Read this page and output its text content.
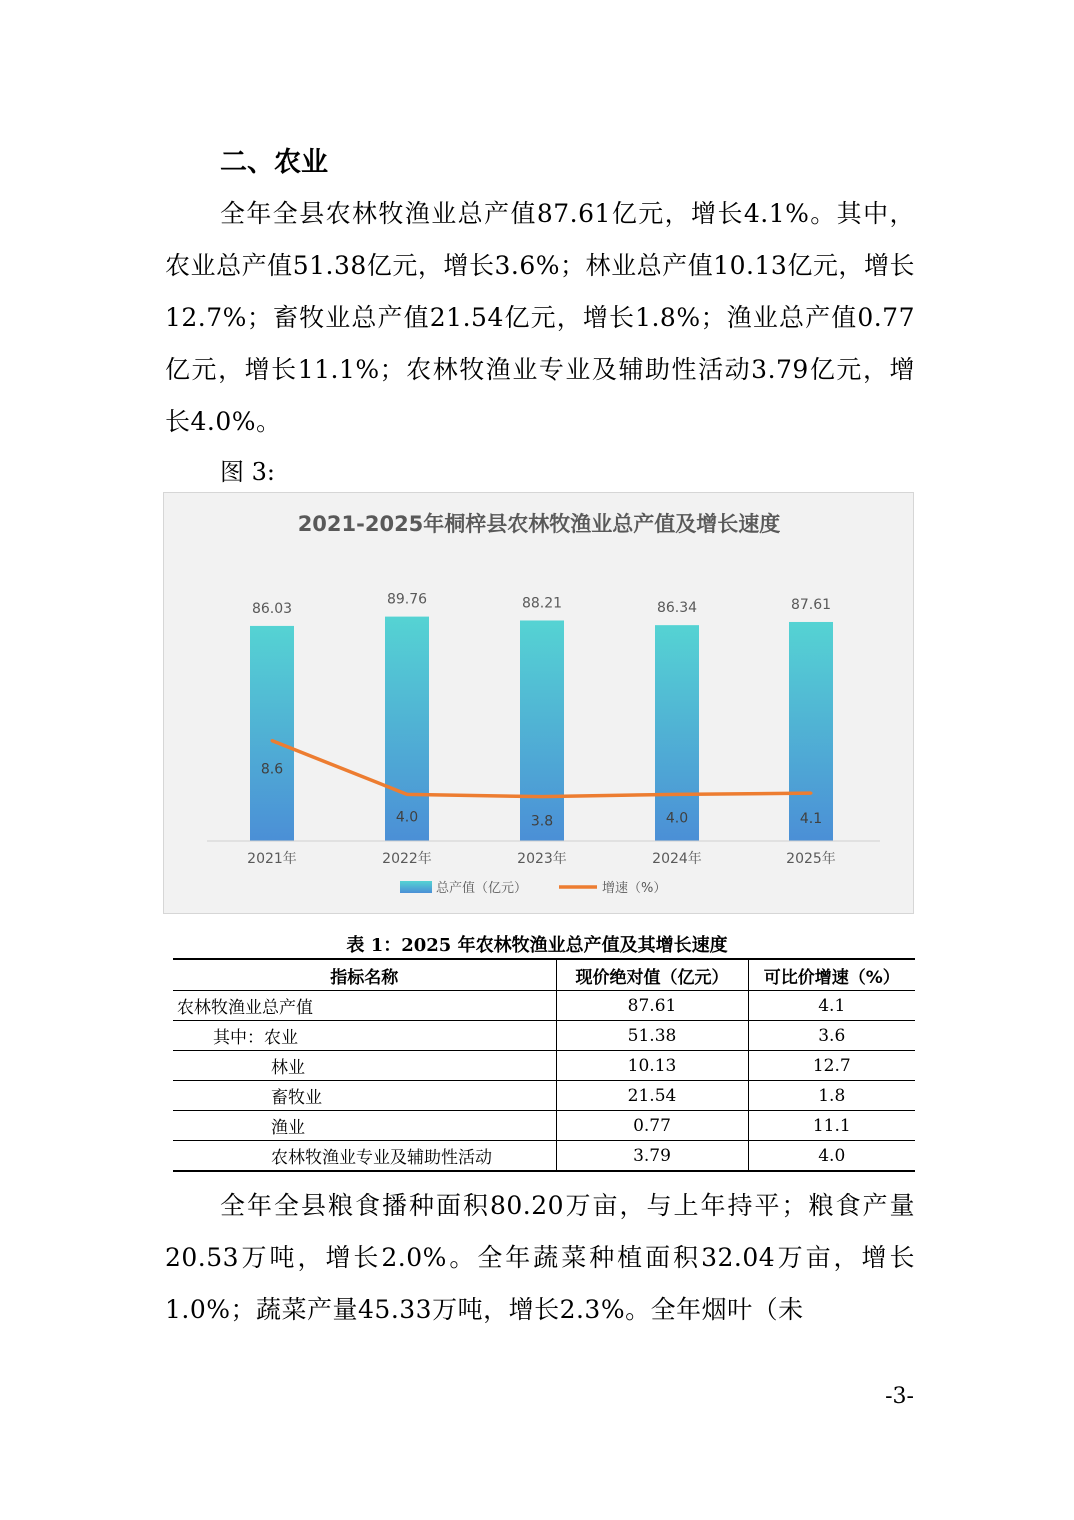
二、农业

全年全县农林牧渔业总产值87.61亿元，增长4.1%。其中，农业总产值51.38亿元，增长3.6%；林业总产值10.13亿元，增长12.7%；畜牧业总产值21.54亿元，增长1.8%；渔业总产值0.77亿元，增长11.1%；农林牧渔业专业及辅助性活动3.79亿元，增长4.0%。

图 3:
2021-2025年桐梓县农林牧渔业总产值及增长速度
86.03
89.76	88.21	86.34	87.61
8.6
4.0	3.8	4.0	4.1
2021年	2022年	2023年	2024年	2025年
总产值（亿元）	增速（%）
表 1：2025 年农林牧渔业总产值及其增长速度
指标名称	现价绝对值（亿元）	可比价增速（%）
农林牧渔业总产值	87.61	4.1
其中：农业	51.38	3.6
林业	10.13	12.7
畜牧业	21.54	1.8
渔业	0.77	11.1
农林牧渔业专业及辅助性活动	3.79	4.0

全年全县粮食播种面积80.20万亩，与上年持平；粮食产量20.53万吨，增长2.0%。全年蔬菜种植面积32.04万亩，增长1.0%；蔬菜产量45.33万吨，增长2.3%。全年烟叶（未

-3-
